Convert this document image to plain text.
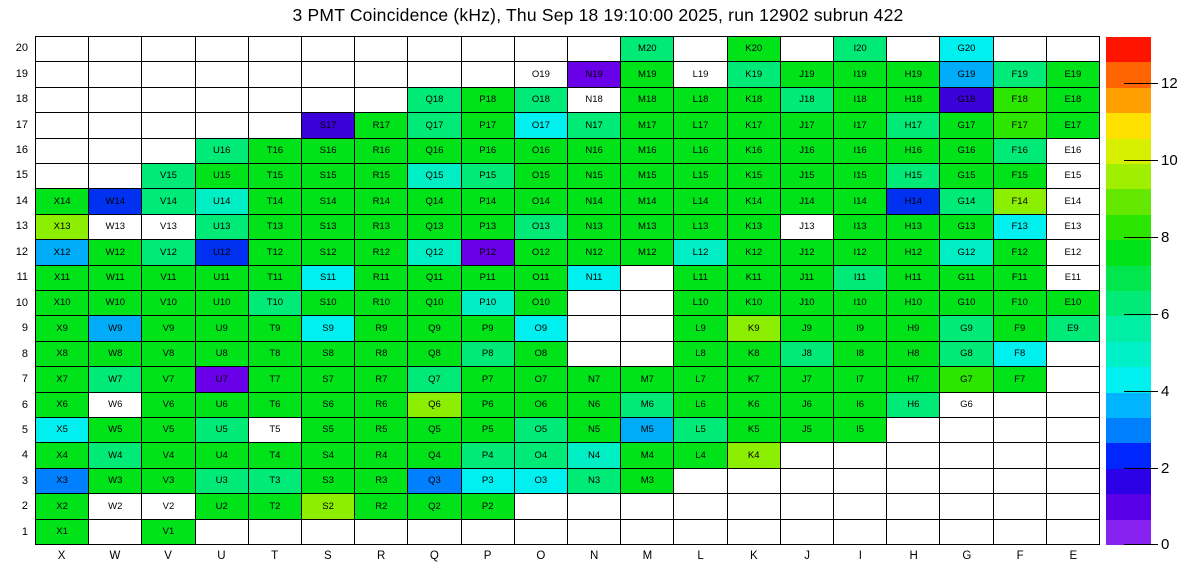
3 PMT Coincidence (kHz), Thu Sep 18 19:10:00 2025, run 12902 subrun 422
M20	K20	I20	G20
O19	N19	M19	L19	K19	J19	I19	H19	G19	F19	E19
Q18	P18	O18	N18	M18	L18	K18	J18	I18	H18	G18	F18	E18
S17	R17	Q17	P17	O17	N17	M17	L17	K17	J17	I17	H17	G17	F17	E17
U16	T16	S16	R16	Q16	P16	O16	N16	M16	L16	K16	J16	I16	H16	G16	F16	E16
V15	U15	T15	S15	R15	Q15	P15	O15	N15	M15	L15	K15	J15	I15	H15	G15	F15	E15
X14	W14	V14	U14	T14	S14	R14	Q14	P14	O14	N14	M14	L14	K14	J14	I14	H14	G14	F14	E14
X13	W13	V13	U13	T13	S13	R13	Q13	P13	O13	N13	M13	L13	K13	J13	I13	H13	G13	F13	E13
X12	W12	V12	U12	T12	S12	R12	Q12	P12	O12	N12	M12	L12	K12	J12	I12	H12	G12	F12	E12
X11	W11	V11	U11	T11	S11	R11	Q11	P11	O11	N11	L11	K11	J11	I11	H11	G11	F11	E11
X10	W10	V10	U10	T10	S10	R10	Q10	P10	O10	L10	K10	J10	I10	H10	G10	F10	E10
X9	W9	V9	U9	T9	S9	R9	Q9	P9	O9	L9	K9	J9	I9	H9	G9	F9	E9
X8	W8	V8	U8	T8	S8	R8	Q8	P8	O8	L8	K8	J8	I8	H8	G8	F8
X7	W7	V7	U7	T7	S7	R7	Q7	P7	O7	N7	M7	L7	K7	J7	I7	H7	G7	F7
X6	W6	V6	U6	T6	S6	R6	Q6	P6	O6	N6	M6	L6	K6	J6	I6	H6	G6
X5	W5	V5	U5	T5	S5	R5	Q5	P5	O5	N5	M5	L5	K5	J5	I5
X4	W4	V4	U4	T4	S4	R4	Q4	P4	O4	N4	M4	L4	K4
X3	W3	V3	U3	T3	S3	R3	Q3	P3	O3	N3	M3
X2	W2	V2	U2	T2	S2	R2	Q2	P2
X1	V1
20
19
18
17
16
15
14
13
12
11
10
9
8
7
6
5
4
3
2
1
X	W	V	U	T	S	R	Q	P	O	N	M	L	K	J	I	H	G	F	E
0
2
4
6
8
10
12
